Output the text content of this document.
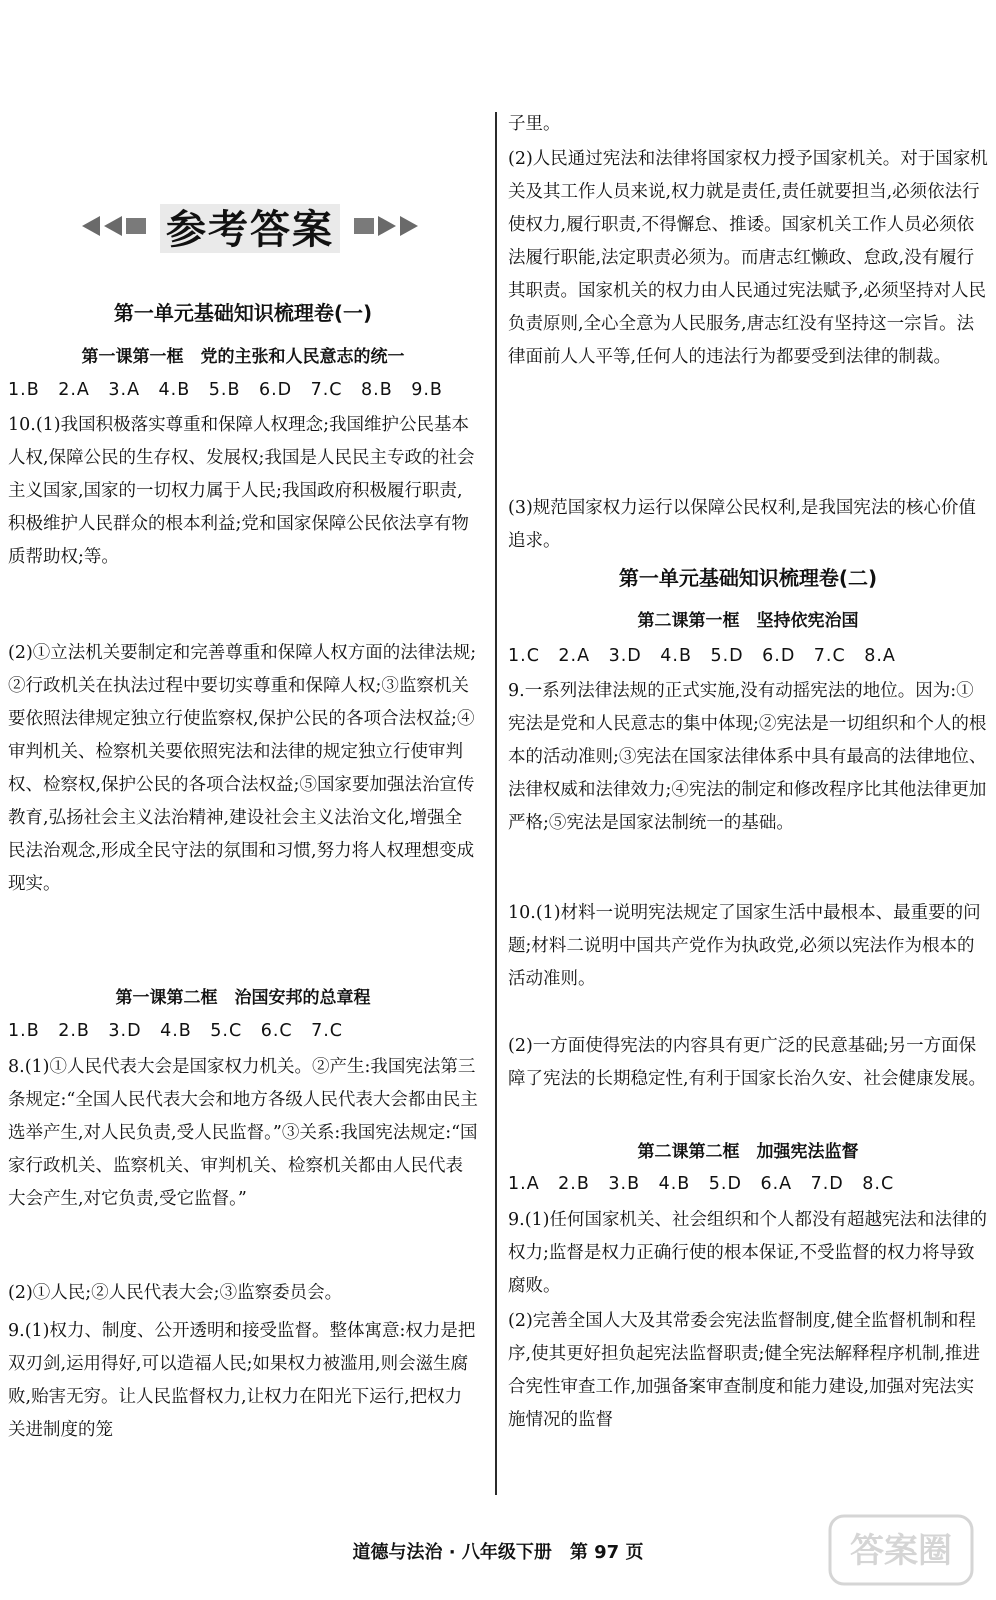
参考答案
第一单元基础知识梳理卷(一)
第一课第一框　党的主张和人民意志的统一

1.B　2.A　3.A　4.B　5.B　6.D　7.C　8.B　9.B

10.(1)我国积极落实尊重和保障人权理念;我国维护公民基本人权,保障公民的生存权、发展权;我国是人民民主专政的社会主义国家,国家的一切权力属于人民;我国政府积极履行职责,积极维护人民群众的根本利益;党和国家保障公民依法享有物质帮助权;等。

(2)①立法机关要制定和完善尊重和保障人权方面的法律法规;②行政机关在执法过程中要切实尊重和保障人权;③监察机关要依照法律规定独立行使监察权,保护公民的各项合法权益;④审判机关、检察机关要依照宪法和法律的规定独立行使审判权、检察权,保护公民的各项合法权益;⑤国家要加强法治宣传教育,弘扬社会主义法治精神,建设社会主义法治文化,增强全民法治观念,形成全民守法的氛围和习惯,努力将人权理想变成现实。

第一课第二框　治国安邦的总章程

1.B　2.B　3.D　4.B　5.C　6.C　7.C

8.(1)①人民代表大会是国家权力机关。②产生:我国宪法第三条规定:“全国人民代表大会和地方各级人民代表大会都由民主选举产生,对人民负责,受人民监督。”③关系:我国宪法规定:“国家行政机关、监察机关、审判机关、检察机关都由人民代表大会产生,对它负责,受它监督。”

(2)①人民;②人民代表大会;③监察委员会。

9.(1)权力、制度、公开透明和接受监督。整体寓意:权力是把双刃剑,运用得好,可以造福人民;如果权力被滥用,则会滋生腐败,贻害无穷。让人民监督权力,让权力在阳光下运行,把权力关进制度的笼

子里。

(2)人民通过宪法和法律将国家权力授予国家机关。对于国家机关及其工作人员来说,权力就是责任,责任就要担当,必须依法行使权力,履行职责,不得懈怠、推诿。国家机关工作人员必须依法履行职能,法定职责必须为。而唐志红懒政、怠政,没有履行其职责。国家机关的权力由人民通过宪法赋予,必须坚持对人民负责原则,全心全意为人民服务,唐志红没有坚持这一宗旨。法律面前人人平等,任何人的违法行为都要受到法律的制裁。

(3)规范国家权力运行以保障公民权利,是我国宪法的核心价值追求。

第一单元基础知识梳理卷(二)
第二课第一框　坚持依宪治国

1.C　2.A　3.D　4.B　5.D　6.D　7.C　8.A

9.一系列法律法规的正式实施,没有动摇宪法的地位。因为:①宪法是党和人民意志的集中体现;②宪法是一切组织和个人的根本的活动准则;③宪法在国家法律体系中具有最高的法律地位、法律权威和法律效力;④宪法的制定和修改程序比其他法律更加严格;⑤宪法是国家法制统一的基础。

10.(1)材料一说明宪法规定了国家生活中最根本、最重要的问题;材料二说明中国共产党作为执政党,必须以宪法作为根本的活动准则。

(2)一方面使得宪法的内容具有更广泛的民意基础;另一方面保障了宪法的长期稳定性,有利于国家长治久安、社会健康发展。

第二课第二框　加强宪法监督

1.A　2.B　3.B　4.B　5.D　6.A　7.D　8.C

9.(1)任何国家机关、社会组织和个人都没有超越宪法和法律的权力;监督是权力正确行使的根本保证,不受监督的权力将导致腐败。

(2)完善全国人大及其常委会宪法监督制度,健全监督机制和程序,使其更好担负起宪法监督职责;健全宪法解释程序机制,推进合宪性审查工作,加强备案审查制度和能力建设,加强对宪法实施情况的监督

道德与法治 · 八年级下册　第 97 页	答案圈
